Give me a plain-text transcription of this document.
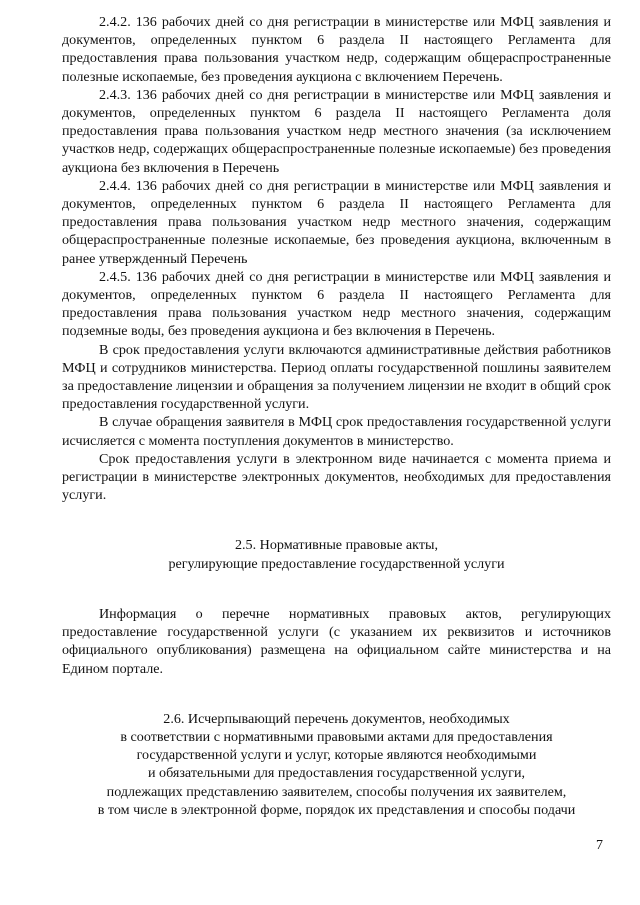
2.4.2. 136 рабочих дней со дня регистрации в министерстве или МФЦ заявления и документов, определенных пунктом 6 раздела II настоящего Регламента для предоставления права пользования участком недр, содержащим общераспространенные полезные ископаемые, без проведения аукциона с включением Перечень.

2.4.3. 136 рабочих дней со дня регистрации в министерстве или МФЦ заявления и документов, определенных пунктом 6 раздела II настоящего Регламента доля предоставления права пользования участком недр местного значения (за исключением участков недр, содержащих общераспространенные полезные ископаемые) без проведения аукциона без включения в Перечень

2.4.4. 136 рабочих дней со дня регистрации в министерстве или МФЦ заявления и документов, определенных пунктом 6 раздела II настоящего Регламента для предоставления права пользования участком недр местного значения, содержащим общераспространенные полезные ископаемые, без проведения аукциона, включенным в ранее утвержденный Перечень

2.4.5. 136 рабочих дней со дня регистрации в министерстве или МФЦ заявления и документов, определенных пунктом 6 раздела II настоящего Регламента для предоставления права пользования участком недр местного значения, содержащим подземные воды, без проведения аукциона и без включения в Перечень.

В срок предоставления услуги включаются административные действия работников МФЦ и сотрудников министерства. Период оплаты государственной пошлины заявителем за предоставление лицензии и обращения за получением лицензии не входит в общий срок предоставления государственной услуги.

В случае обращения заявителя в МФЦ срок предоставления государственной услуги исчисляется с момента поступления документов в министерство.

Срок предоставления услуги в электронном виде начинается с момента приема и регистрации в министерстве электронных документов, необходимых для предоставления услуги.

2.5. Нормативные правовые акты,

регулирующие предоставление государственной услуги

Информация о перечне нормативных правовых актов, регулирующих предоставление государственной услуги (с указанием их реквизитов и источников официального опубликования) размещена на официальном сайте министерства и на Едином портале.

2.6. Исчерпывающий перечень документов, необходимых

в соответствии с нормативными правовыми актами для предоставления

государственной услуги и услуг, которые являются необходимыми

и обязательными для предоставления государственной услуги,

подлежащих представлению заявителем, способы получения их заявителем,

в том числе в электронной форме, порядок их представления и способы подачи

7
